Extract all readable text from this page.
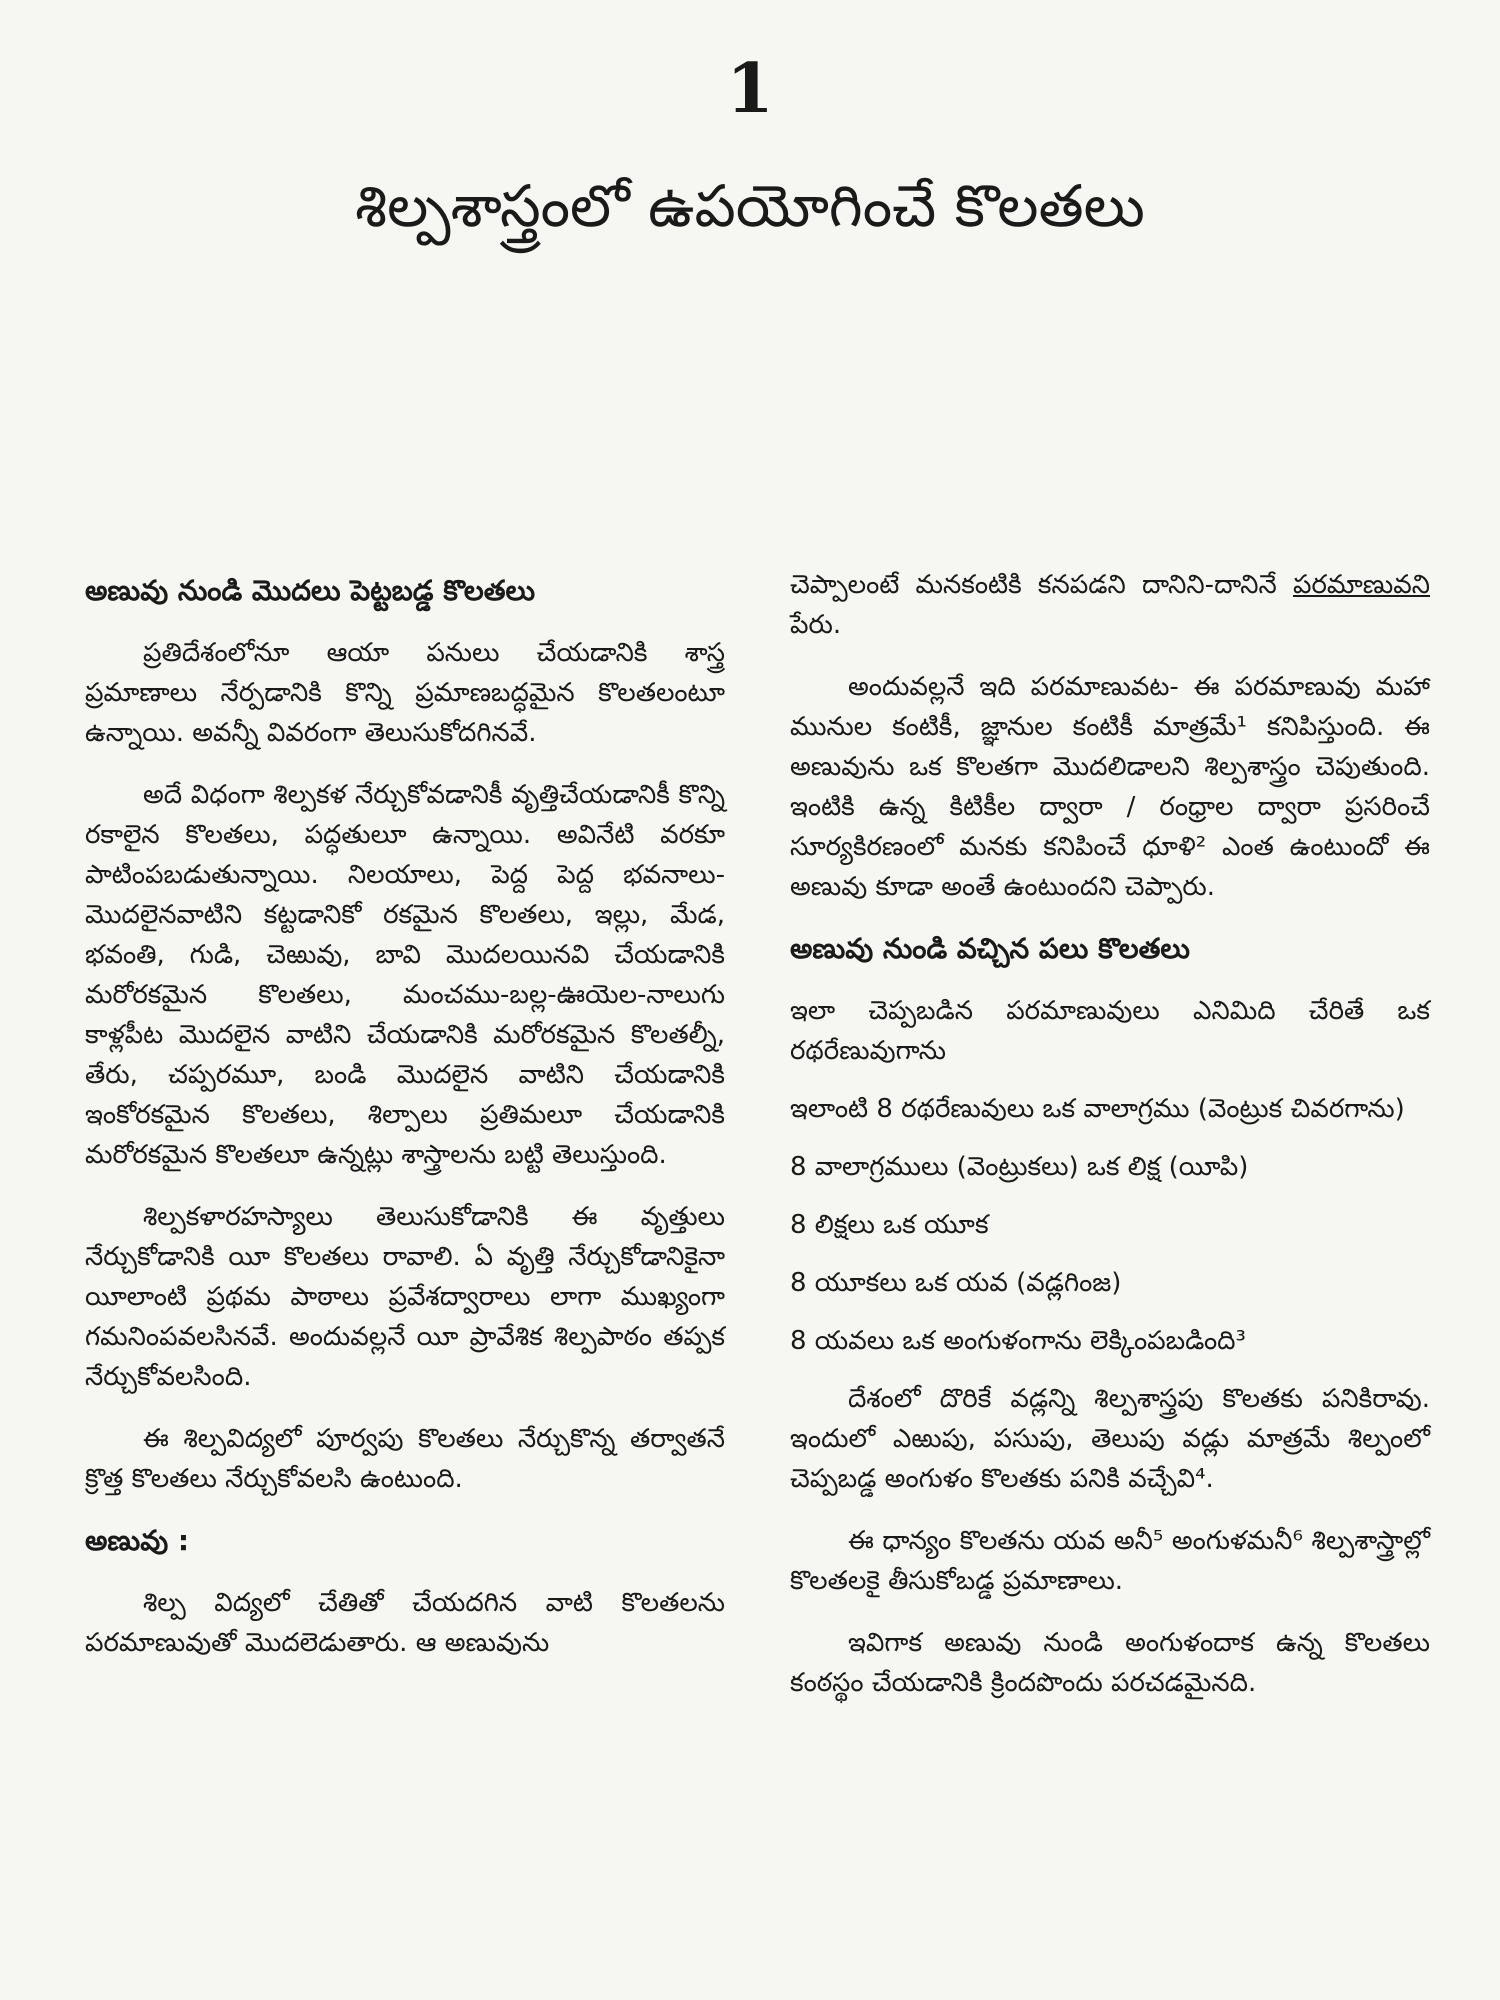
1
శిల్పశాస్త్రంలో ఉపయోగించే కొలతలు
అణువు నుండి మొదలు పెట్టబడ్డ కొలతలు

ప్రతిదేశంలోనూ ఆయా పనులు చేయడానికి శాస్త్ర ప్రమాణాలు నేర్పడానికి కొన్ని ప్రమాణబద్ధమైన కొలతలంటూ ఉన్నాయి. అవన్నీ వివరంగా తెలుసుకోదగినవే.

అదే విధంగా శిల్పకళ నేర్చుకోవడానికీ వృత్తిచేయడానికీ కొన్ని రకాలైన కొలతలు, పద్ధతులూ ఉన్నాయి. అవినేటి వరకూ పాటింపబడుతున్నాయి. నిలయాలు, పెద్ద పెద్ద భవనాలు-మొదలైనవాటిని కట్టడానికో రకమైన కొలతలు, ఇల్లు, మేడ, భవంతి, గుడి, చెఱువు, బావి మొదలయినవి చేయడానికి మరోరకమైన కొలతలు, మంచము-బల్ల-ఊయెల-నాలుగు కాళ్లపీట మొదలైన వాటిని చేయడానికి మరోరకమైన కొలతల్నీ, తేరు, చప్పరమూ, బండి మొదలైన వాటిని చేయడానికి ఇంకోరకమైన కొలతలు, శిల్పాలు ప్రతిమలూ చేయడానికి మరోరకమైన కొలతలూ ఉన్నట్లు శాస్త్రాలను బట్టి తెలుస్తుంది.

శిల్పకళారహస్యాలు తెలుసుకోడానికి ఈ వృత్తులు నేర్చుకోడానికి యీ కొలతలు రావాలి. ఏ వృత్తి నేర్చుకోడానికైనా యీలాంటి ప్రథమ పాఠాలు ప్రవేశద్వారాలు లాగా ముఖ్యంగా గమనింపవలసినవే. అందువల్లనే యీ ప్రావేశిక శిల్పపాఠం తప్పక నేర్చుకోవలసింది.

ఈ శిల్పవిద్యలో పూర్వపు కొలతలు నేర్చుకొన్న తర్వాతనే క్రొత్త కొలతలు నేర్చుకోవలసి ఉంటుంది.

అణువు :

శిల్ప విద్యలో చేతితో చేయదగిన వాటి కొలతలను పరమాణువుతో మొదలెడుతారు. ఆ అణువును

చెప్పాలంటే మనకంటికి కనపడని దానిని-దానినే పరమాణువని పేరు.

అందువల్లనే ఇది పరమాణువట- ఈ పరమాణువు మహా మునుల కంటికీ, జ్ఞానుల కంటికీ మాత్రమే¹ కనిపిస్తుంది. ఈ అణువును ఒక కొలతగా మొదలిడాలని శిల్పశాస్త్రం చెపుతుంది. ఇంటికి ఉన్న కిటికీల ద్వారా / రంధ్రాల ద్వారా ప్రసరించే సూర్యకిరణంలో మనకు కనిపించే ధూళి² ఎంత ఉంటుందో ఈ అణువు కూడా అంతే ఉంటుందని చెప్పారు.

అణువు నుండి వచ్చిన పలు కొలతలు

ఇలా చెప్పబడిన పరమాణువులు ఎనిమిది చేరితే ఒక రథరేణువుగాను

ఇలాంటి 8 రథరేణువులు ఒక వాలాగ్రము (వెంట్రుక చివరగాను)

8 వాలాగ్రములు (వెంట్రుకలు) ఒక లిక్ష (యీపి)

8 లిక్షలు ఒక యూక

8 యూకలు ఒక యవ (వడ్లగింజ)

8 యవలు ఒక అంగుళంగాను లెక్కింపబడింది³

దేశంలో దొరికే వడ్లన్ని శిల్పశాస్త్రపు కొలతకు పనికిరావు. ఇందులో ఎఱుపు, పసుపు, తెలుపు వడ్లు మాత్రమే శిల్పంలో చెప్పబడ్డ అంగుళం కొలతకు పనికి వచ్చేవి⁴.

ఈ ధాన్యం కొలతను యవ అనీ⁵ అంగుళమనీ⁶ శిల్పశాస్త్రాల్లో కొలతలకై తీసుకోబడ్డ ప్రమాణాలు.

ఇవిగాక అణువు నుండి అంగుళందాక ఉన్న కొలతలు కంఠస్థం చేయడానికి క్రిందపొందు పరచడమైనది.
